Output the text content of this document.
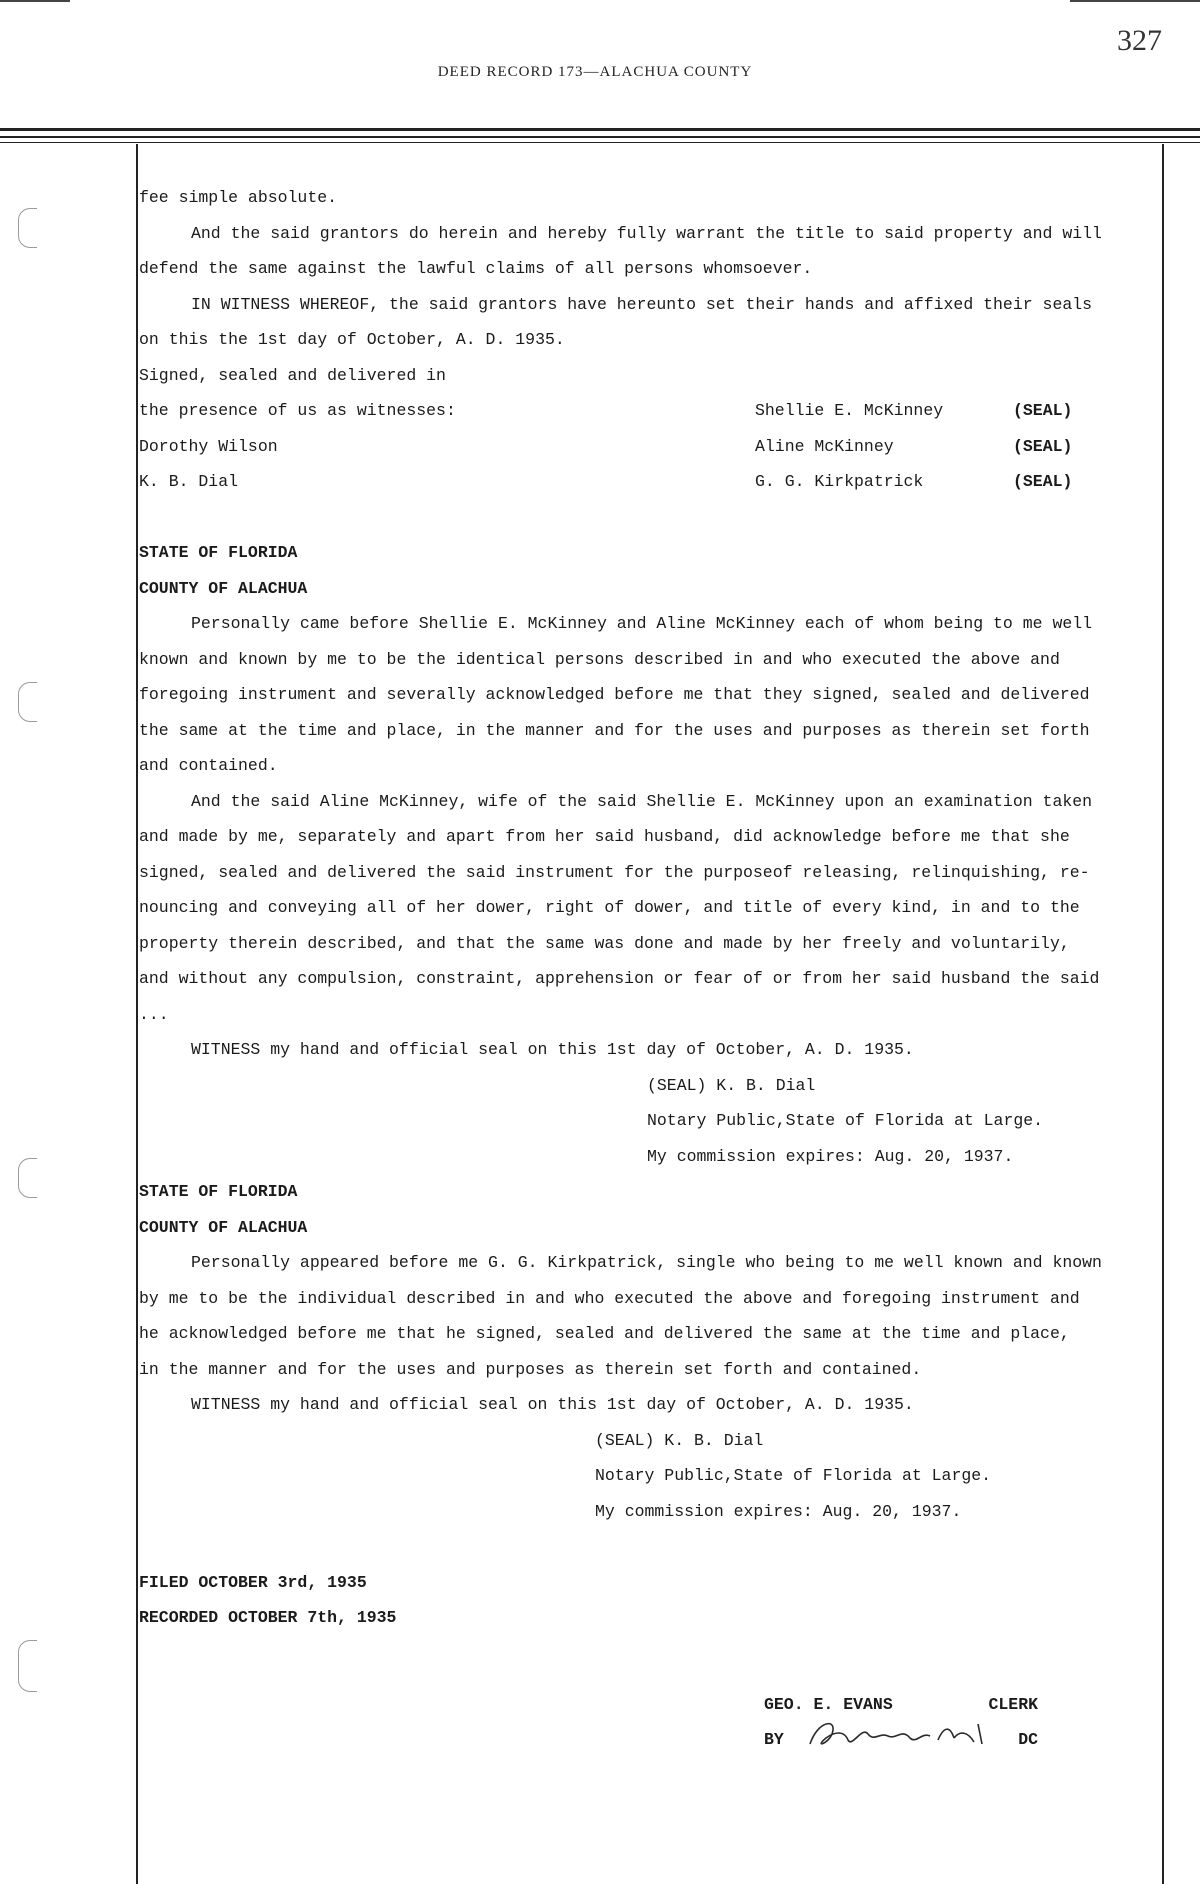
327
DEED RECORD 173—ALACHUA COUNTY
fee simple absolute.
And the said grantors do herein and hereby fully warrant the title to said property and will
defend the same against the lawful claims of all persons whomsoever.
IN WITNESS WHEREOF, the said grantors have hereunto set their hands and affixed their seals
on this the 1st day of October, A. D. 1935.
Signed, sealed and delivered in
the presence of us as witnesses:	Shellie E. McKinney	(SEAL)
Dorothy Wilson	Aline McKinney	(SEAL)
K. B. Dial	G. G. Kirkpatrick	(SEAL)
STATE OF FLORIDA
COUNTY OF ALACHUA
Personally came before Shellie E. McKinney and Aline McKinney each of whom being to me well
known and known by me to be the identical persons described in and who executed the above and
foregoing instrument and severally acknowledged before me that they signed, sealed and delivered
the same at the time and place, in the manner and for the uses and purposes as therein set forth
and contained.
And the said Aline McKinney, wife of the said Shellie E. McKinney upon an examination taken
and made by me, separately and apart from her said husband, did acknowledge before me that she
signed, sealed and delivered the said instrument for the purposeof releasing, relinquishing, re-
nouncing and conveying all of her dower, right of dower, and title of every kind, in and to the
property therein described, and that the same was done and made by her freely and voluntarily,
and without any compulsion, constraint, apprehension or fear of or from her said husband the said
...
WITNESS my hand and official seal on this 1st day of October, A. D. 1935.
(SEAL) K. B. Dial
Notary Public,State of Florida at Large.
My commission expires: Aug. 20, 1937.
STATE OF FLORIDA
COUNTY OF ALACHUA
Personally appeared before me G. G. Kirkpatrick, single who being to me well known and known
by me to be the individual described in and who executed the above and foregoing instrument and
he acknowledged before me that he signed, sealed and delivered the same at the time and place,
in the manner and for the uses and purposes as therein set forth and contained.
WITNESS my hand and official seal on this 1st day of October, A. D. 1935.
(SEAL) K. B. Dial
Notary Public,State of Florida at Large.
My commission expires: Aug. 20, 1937.
FILED OCTOBER 3rd, 1935
RECORDED OCTOBER 7th, 1935
GEO. E. EVANS	CLERK
BY	DC
